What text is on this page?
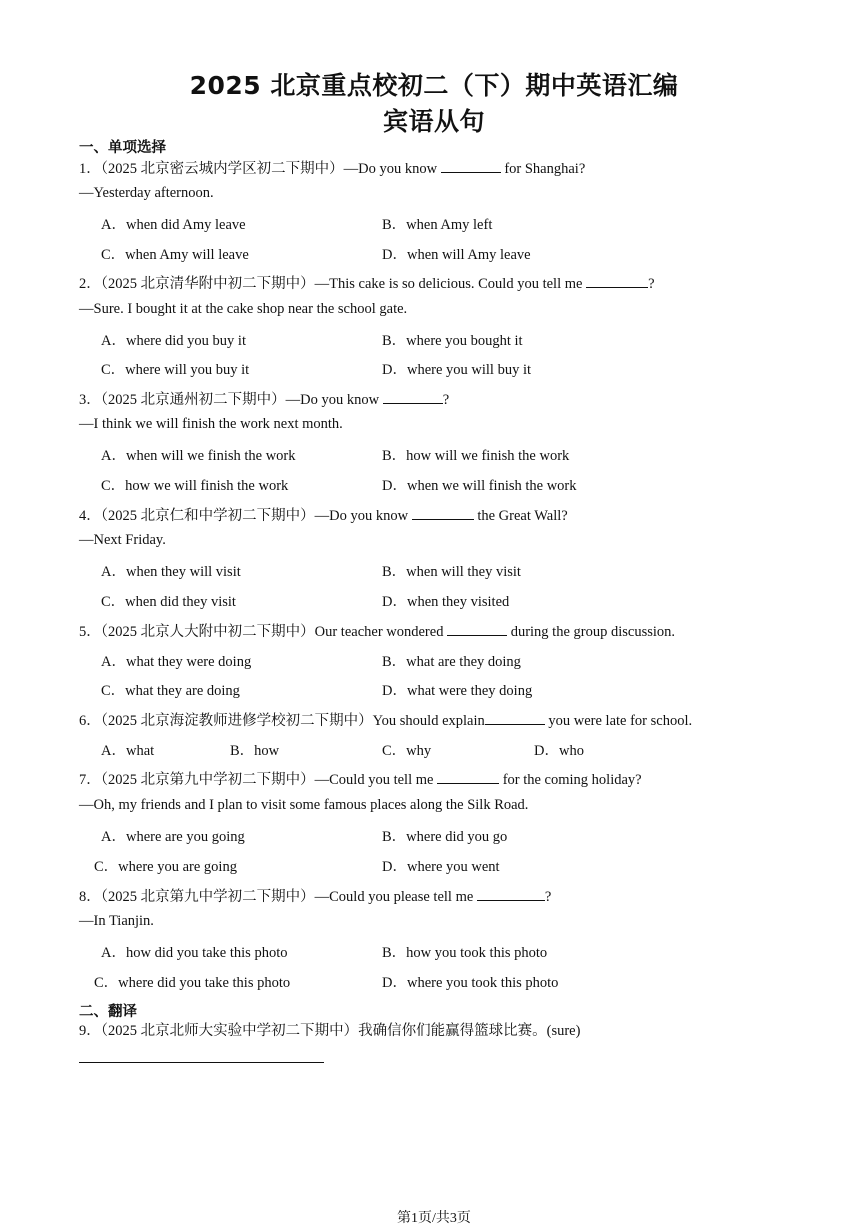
2025 北京重点校初二（下）期中英语汇编
宾语从句
一、单项选择
1．（2025 北京密云城内学区初二下期中）—Do you know	for Shanghai?
—Yesterday afternoon.
A．when did Amy leave	B．when Amy left
C．when Amy will leave	D．when will Amy leave
2．（2025 北京清华附中初二下期中）—This cake is so delicious. Could you tell me	?
—Sure. I bought it at the cake shop near the school gate.
A．where did you buy it	B．where you bought it
C．where will you buy it	D．where you will buy it
3．（2025 北京通州初二下期中）—Do you know	?
—I think we will finish the work next month.
A．when will we finish the work	B．how will we finish the work
C．how we will finish the work	D．when we will finish the work
4．（2025 北京仁和中学初二下期中）—Do you know	the Great Wall?
—Next Friday.
A．when they will visit	B．when will they visit
C．when did they visit	D．when they visited
5．（2025 北京人大附中初二下期中）Our teacher wondered	during the group discussion.
A．what they were doing	B．what are they doing
C．what they are doing	D．what were they doing
6．（2025 北京海淀教师进修学校初二下期中）You should explain	you were late for school.
A．what	B．how	C．why	D．who
7．（2025 北京第九中学初二下期中）—Could you tell me	for the coming holiday?
—Oh, my friends and I plan to visit some famous places along the Silk Road.
A．where are you going	B．where did you go
C．where you are going	D．where you went
8．（2025 北京第九中学初二下期中）—Could you please tell me	?
—In Tianjin.
A．how did you take this photo	B．how you took this photo
C．where did you take this photo	D．where you took this photo
二、翻译
9．（2025 北京北师大实验中学初二下期中）我确信你们能赢得篮球比赛。(sure)
第1页/共3页
